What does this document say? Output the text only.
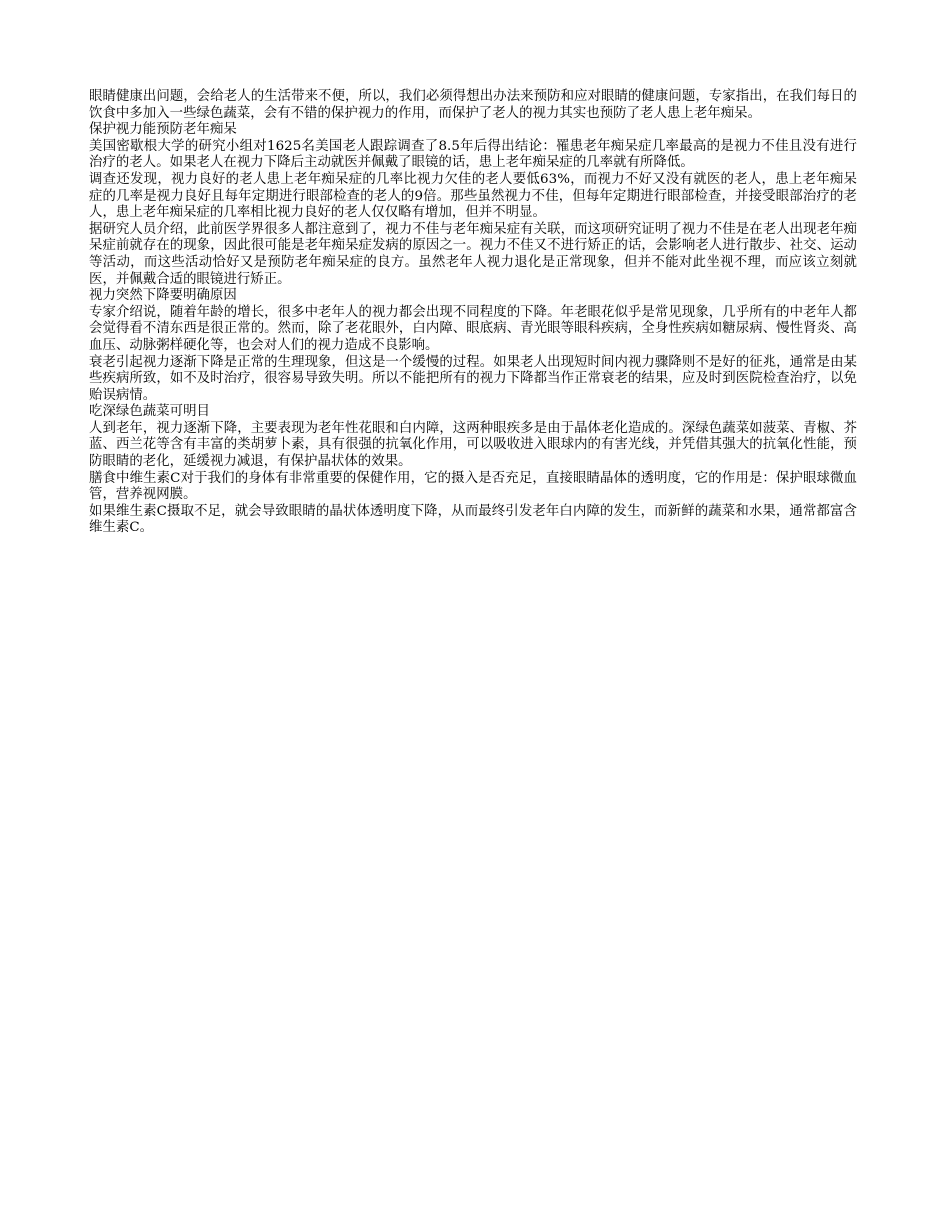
眼睛健康出问题，会给老人的生活带来不便，所以，我们必须得想出办法来预防和应对眼睛的健康问题，专家指出，在我们每日的饮食中多加入一些绿色蔬菜，会有不错的保护视力的作用，而保护了老人的视力其实也预防了老人患上老年痴呆。

保护视力能预防老年痴呆

美国密歇根大学的研究小组对1625名美国老人跟踪调查了8.5年后得出结论：罹患老年痴呆症几率最高的是视力不佳且没有进行治疗的老人。如果老人在视力下降后主动就医并佩戴了眼镜的话，患上老年痴呆症的几率就有所降低。

调查还发现，视力良好的老人患上老年痴呆症的几率比视力欠佳的老人要低63%，而视力不好又没有就医的老人，患上老年痴呆症的几率是视力良好且每年定期进行眼部检查的老人的9倍。那些虽然视力不佳，但每年定期进行眼部检查，并接受眼部治疗的老人，患上老年痴呆症的几率相比视力良好的老人仅仅略有增加，但并不明显。

据研究人员介绍，此前医学界很多人都注意到了，视力不佳与老年痴呆症有关联，而这项研究证明了视力不佳是在老人出现老年痴呆症前就存在的现象，因此很可能是老年痴呆症发病的原因之一。视力不佳又不进行矫正的话，会影响老人进行散步、社交、运动等活动，而这些活动恰好又是预防老年痴呆症的良方。虽然老年人视力退化是正常现象，但并不能对此坐视不理，而应该立刻就医，并佩戴合适的眼镜进行矫正。

视力突然下降要明确原因

专家介绍说，随着年龄的增长，很多中老年人的视力都会出现不同程度的下降。年老眼花似乎是常见现象，几乎所有的中老年人都会觉得看不清东西是很正常的。然而，除了老花眼外，白内障、眼底病、青光眼等眼科疾病，全身性疾病如糖尿病、慢性肾炎、高血压、动脉粥样硬化等，也会对人们的视力造成不良影响。

衰老引起视力逐渐下降是正常的生理现象，但这是一个缓慢的过程。如果老人出现短时间内视力骤降则不是好的征兆，通常是由某些疾病所致，如不及时治疗，很容易导致失明。所以不能把所有的视力下降都当作正常衰老的结果，应及时到医院检查治疗，以免贻误病情。

吃深绿色蔬菜可明目

人到老年，视力逐渐下降，主要表现为老年性花眼和白内障，这两种眼疾多是由于晶体老化造成的。深绿色蔬菜如菠菜、青椒、芥蓝、西兰花等含有丰富的类胡萝卜素，具有很强的抗氧化作用，可以吸收进入眼球内的有害光线，并凭借其强大的抗氧化性能，预防眼睛的老化，延缓视力减退，有保护晶状体的效果。

膳食中维生素C对于我们的身体有非常重要的保健作用，它的摄入是否充足，直接眼睛晶体的透明度，它的作用是：保护眼球微血管，营养视网膜。

如果维生素C摄取不足，就会导致眼睛的晶状体透明度下降，从而最终引发老年白内障的发生，而新鲜的蔬菜和水果，通常都富含维生素C。
